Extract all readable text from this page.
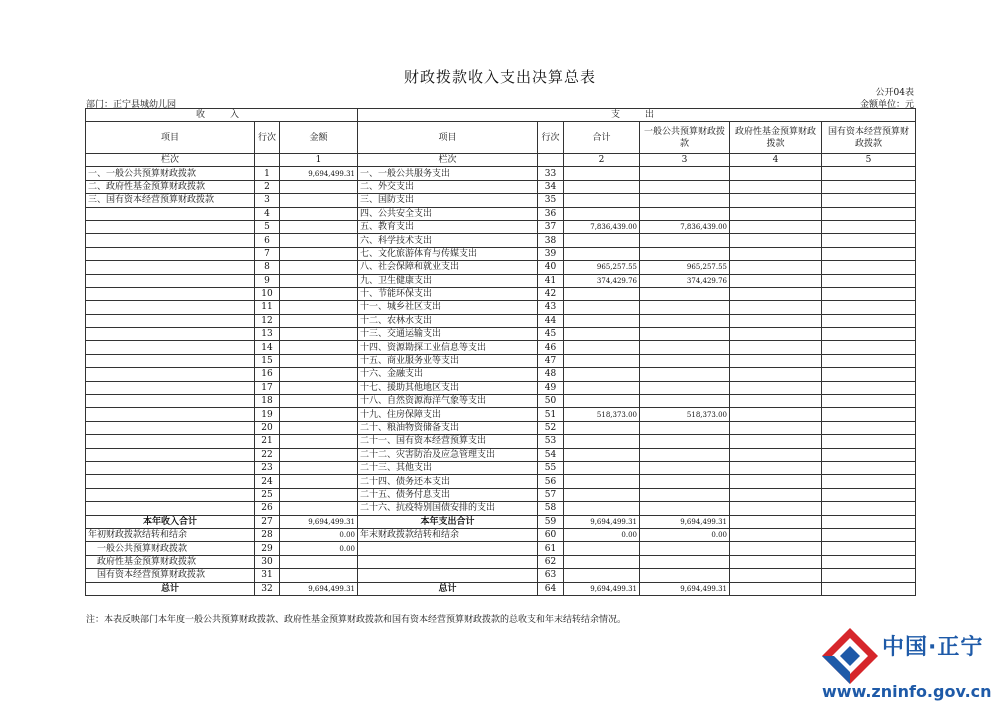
财政拨款收入支出决算总表
公开04表
部门：正宁县城幼儿园	金额单位：元
收　入			支　出					
项目	行次	金额	项目	行次	合计	一般公共预算财政拨款	政府性基金预算财政拨款	国有资本经营预算财政拨款
栏次		1	栏次		2	3	4	5
一、一般公共预算财政拨款	1	9,694,499.31	一、一般公共服务支出	33				
二、政府性基金预算财政拨款	2		二、外交支出	34				
三、国有资本经营预算财政拨款	3		三、国防支出	35				
	4		四、公共安全支出	36				
	5		五、教育支出	37	7,836,439.00	7,836,439.00		
	6		六、科学技术支出	38				
	7		七、文化旅游体育与传媒支出	39				
	8		八、社会保障和就业支出	40	965,257.55	965,257.55		
	9		九、卫生健康支出	41	374,429.76	374,429.76		
	10		十、节能环保支出	42				
	11		十一、城乡社区支出	43				
	12		十二、农林水支出	44				
	13		十三、交通运输支出	45				
	14		十四、资源勘探工业信息等支出	46				
	15		十五、商业服务业等支出	47				
	16		十六、金融支出	48				
	17		十七、援助其他地区支出	49				
	18		十八、自然资源海洋气象等支出	50				
	19		十九、住房保障支出	51	518,373.00	518,373.00		
	20		二十、粮油物资储备支出	52				
	21		二十一、国有资本经营预算支出	53				
	22		二十二、灾害防治及应急管理支出	54				
	23		二十三、其他支出	55				
	24		二十四、债务还本支出	56				
	25		二十五、债务付息支出	57				
	26		二十六、抗疫特别国债安排的支出	58				
本年收入合计	27	9,694,499.31	本年支出合计	59	9,694,499.31	9,694,499.31		
年初财政拨款结转和结余	28	0.00	年末财政拨款结转和结余	60	0.00	0.00		
　一般公共预算财政拨款	29	0.00		61				
　政府性基金预算财政拨款	30			62				
　国有资本经营预算财政拨款	31			63				
总计	32	9,694,499.31	总计	64	9,694,499.31	9,694,499.31		
注：本表反映部门本年度一般公共预算财政拨款、政府性基金预算财政拨款和国有资本经营预算财政拨款的总收支和年末结转结余情况。
中国·正宁
www.zninfo.gov.cn
